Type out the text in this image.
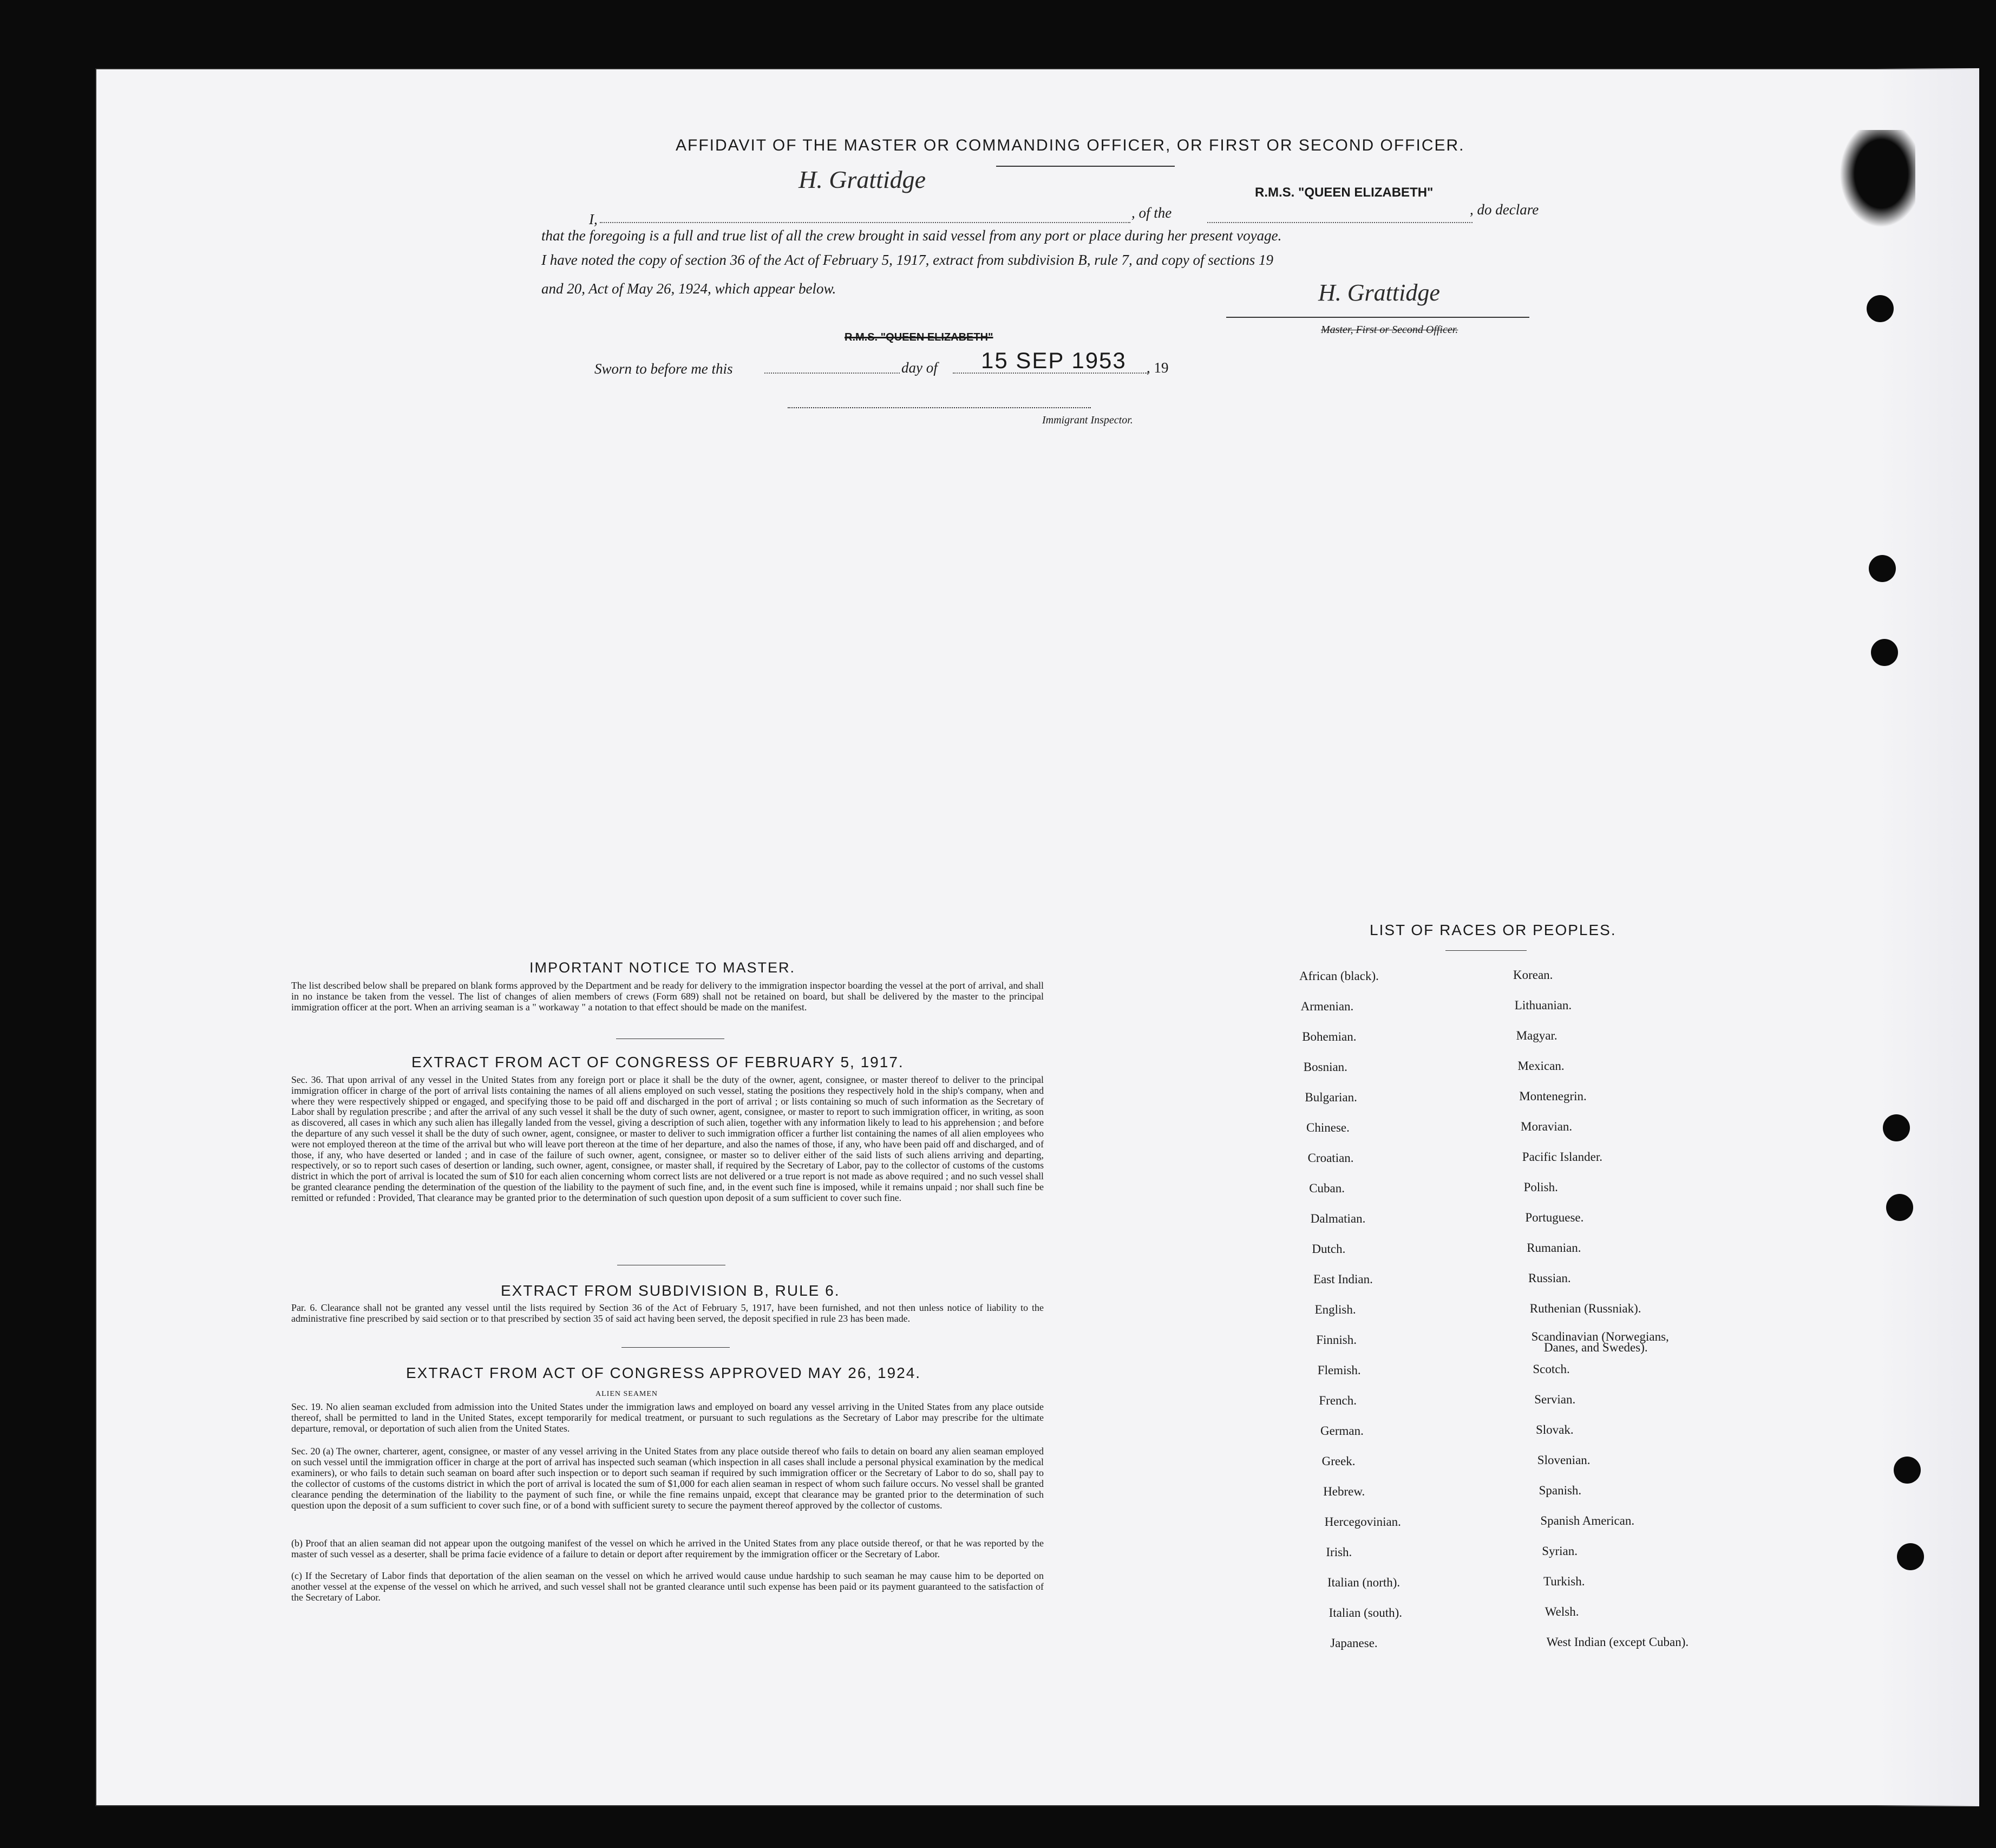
AFFIDAVIT OF THE MASTER OR COMMANDING OFFICER, OR FIRST OR SECOND OFFICER.
H. Grattidge
I,	, of the
R.M.S. "QUEEN ELIZABETH"
, do declare
that the foregoing is a full and true list of all the crew brought in said vessel from any port or place during her present voyage.
I have noted the copy of section 36 of the Act of February 5, 1917, extract from subdivision B, rule 7, and copy of sections 19
and 20, Act of May 26, 1924, which appear below.	H. Grattidge
Master, First or Second Officer.
R.M.S. "QUEEN ELIZABETH"
Sworn to before me this	day of 15 SEP 1953 , 19
Immigrant Inspector.
IMPORTANT NOTICE TO MASTER.
The list described below shall be prepared on blank forms approved by the Department and be ready for delivery to the immigration inspector boarding the vessel at the port of arrival, and shall in no instance be taken from the vessel. The list of changes of alien members of crews (Form 689) shall not be retained on board, but shall be delivered by the master to the principal immigration officer at the port. When an arriving seaman is a " workaway " a notation to that effect should be made on the manifest.
EXTRACT FROM ACT OF CONGRESS OF FEBRUARY 5, 1917.
Sec. 36. That upon arrival of any vessel in the United States from any foreign port or place it shall be the duty of the owner, agent, consignee, or master thereof to deliver to the principal immigration officer in charge of the port of arrival lists containing the names of all aliens employed on such vessel, stating the positions they respectively hold in the ship's company, when and where they were respectively shipped or engaged, and specifying those to be paid off and discharged in the port of arrival ; or lists containing so much of such information as the Secretary of Labor shall by regulation prescribe ; and after the arrival of any such vessel it shall be the duty of such owner, agent, consignee, or master to report to such immigration officer, in writing, as soon as discovered, all cases in which any such alien has illegally landed from the vessel, giving a description of such alien, together with any information likely to lead to his apprehension ; and before the departure of any such vessel it shall be the duty of such owner, agent, consignee, or master to deliver to such immigration officer a further list containing the names of all alien employees who were not employed thereon at the time of the arrival but who will leave port thereon at the time of her departure, and also the names of those, if any, who have been paid off and discharged, and of those, if any, who have deserted or landed ; and in case of the failure of such owner, agent, consignee, or master so to deliver either of the said lists of such aliens arriving and departing, respectively, or so to report such cases of desertion or landing, such owner, agent, consignee, or master shall, if required by the Secretary of Labor, pay to the collector of customs of the customs district in which the port of arrival is located the sum of $10 for each alien concerning whom correct lists are not delivered or a true report is not made as above required ; and no such vessel shall be granted clearance pending the determination of the question of the liability to the payment of such fine, and, in the event such fine is imposed, while it remains unpaid ; nor shall such fine be remitted or refunded : Provided, That clearance may be granted prior to the determination of such question upon deposit of a sum sufficient to cover such fine.
EXTRACT FROM SUBDIVISION B, RULE 6.
Par. 6. Clearance shall not be granted any vessel until the lists required by Section 36 of the Act of February 5, 1917, have been furnished, and not then unless notice of liability to the administrative fine prescribed by said section or to that prescribed by section 35 of said act having been served, the deposit specified in rule 23 has been made.
EXTRACT FROM ACT OF CONGRESS APPROVED MAY 26, 1924.
ALIEN SEAMEN
Sec. 19. No alien seaman excluded from admission into the United States under the immigration laws and employed on board any vessel arriving in the United States from any place outside thereof, shall be permitted to land in the United States, except temporarily for medical treatment, or pursuant to such regulations as the Secretary of Labor may prescribe for the ultimate departure, removal, or deportation of such alien from the United States.
Sec. 20 (a) The owner, charterer, agent, consignee, or master of any vessel arriving in the United States from any place outside thereof who fails to detain on board any alien seaman employed on such vessel until the immigration officer in charge at the port of arrival has inspected such seaman (which inspection in all cases shall include a personal physical examination by the medical examiners), or who fails to detain such seaman on board after such inspection or to deport such seaman if required by such immigration officer or the Secretary of Labor to do so, shall pay to the collector of customs of the customs district in which the port of arrival is located the sum of $1,000 for each alien seaman in respect of whom such failure occurs. No vessel shall be granted clearance pending the determination of the liability to the payment of such fine, or while the fine remains unpaid, except that clearance may be granted prior to the determination of such question upon the deposit of a sum sufficient to cover such fine, or of a bond with sufficient surety to secure the payment thereof approved by the collector of customs.
(b) Proof that an alien seaman did not appear upon the outgoing manifest of the vessel on which he arrived in the United States from any place outside thereof, or that he was reported by the master of such vessel as a deserter, shall be prima facie evidence of a failure to detain or deport after requirement by the immigration officer or the Secretary of Labor.
(c) If the Secretary of Labor finds that deportation of the alien seaman on the vessel on which he arrived would cause undue hardship to such seaman he may cause him to be deported on another vessel at the expense of the vessel on which he arrived, and such vessel shall not be granted clearance until such expense has been paid or its payment guaranteed to the satisfaction of the Secretary of Labor.
LIST OF RACES OR PEOPLES.
African (black).
Armenian.
Bohemian.
Bosnian.
Bulgarian.
Chinese.
Croatian.
Cuban.
Dalmatian.
Dutch.
East Indian.
English.
Finnish.
Flemish.
French.
German.
Greek.
Hebrew.
Hercegovinian.
Irish.
Italian (north).
Italian (south).
Japanese.
Korean.
Lithuanian.
Magyar.
Mexican.
Montenegrin.
Moravian.
Pacific Islander.
Polish.
Portuguese.
Rumanian.
Russian.
Ruthenian (Russniak).
Scandinavian (Norwegians,
Scotch.
Servian.
Slovak.
Slovenian.
Spanish.
Spanish American.
Syrian.
Turkish.
Welsh.
West Indian (except Cuban).
Danes, and Swedes).
